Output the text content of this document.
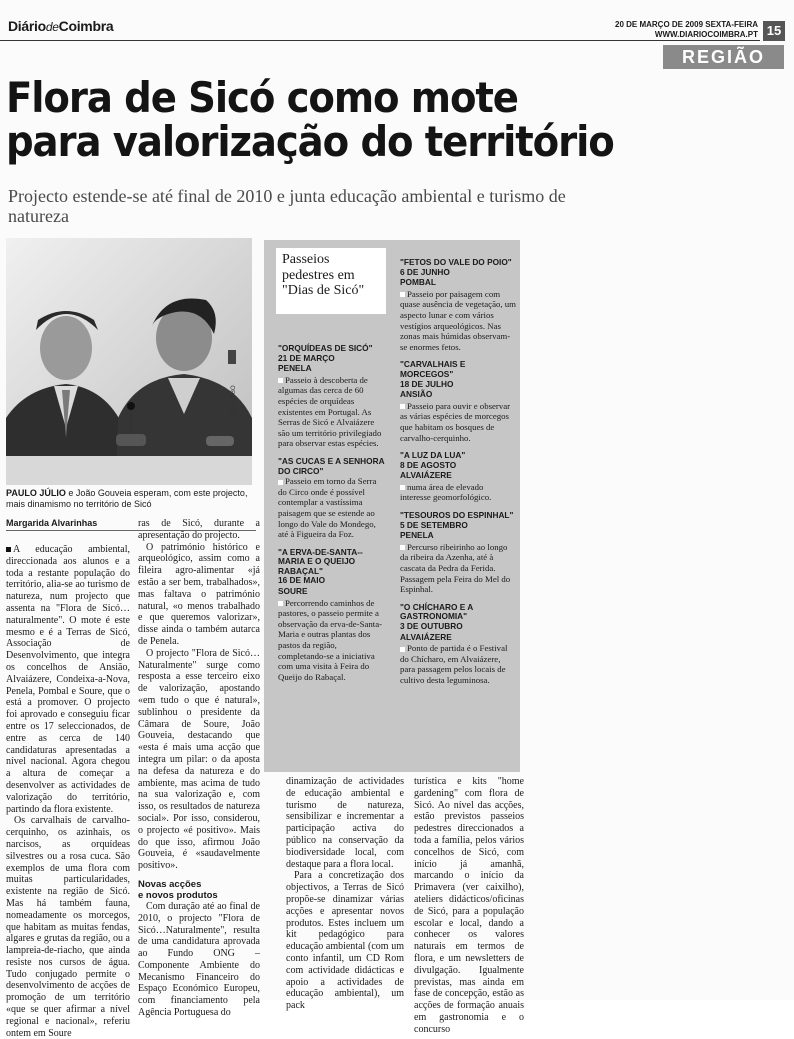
DiáriodeCoimbra	20 DE MARÇO DE 2009 SEXTA-FEIRA
WWW.DIARIOCOIMBRA.PT 15
REGIÃO
Flora de Sicó como mote
para valorização do território
Projecto estende-se até final de 2010 e junta educação ambiental e turismo de natureza
JOÃO LOBO
PAULO JÚLIO e João Gouveia esperam, com este projecto, mais dinamismo no território de Sicó
Margarida Alvarinhas

A educação ambiental, direccionada aos alunos e a toda a restante população do território, alia-se ao turismo de natureza, num projecto que assenta na "Flora de Sicó…naturalmente". O mote é este mesmo e é a Terras de Sicó, Associação de Desenvolvimento, que integra os concelhos de Ansião, Alvaiázere, Condeixa-a-Nova, Penela, Pombal e Soure, que o está a promover. O projecto foi aprovado e conseguiu ficar entre os 17 seleccionados, de entre as cerca de 140 candidaturas apresentadas a nível nacional. Agora chegou a altura de começar a desenvolver as actividades de valorização do território, partindo da flora existente.

Os carvalhais de carvalho-cerquinho, os azinhais, os narcisos, as orquídeas silvestres ou a rosa cuca. São exemplos de uma flora com muitas particularidades, existente na região de Sicó. Mas há também fauna, nomeadamente os morcegos, que habitam as muitas fendas, algares e grutas da região, ou a lampreia-de-riacho, que ainda resiste nos cursos de água. Tudo conjugado permite o desenvolvimento de acções de promoção de um território «que se quer afirmar a nível regional e nacional», referiu ontem em Soure

ras de Sicó, durante a apresentação do projecto.

O património histórico e arqueológico, assim como a fileira agro-alimentar «já estão a ser bem, trabalhados», mas faltava o património natural, «o menos trabalhado e que queremos valorizar», disse ainda o também autarca de Penela.

O projecto "Flora de Sicó…Naturalmente" surge como resposta a esse terceiro eixo de valorização, apostando «em tudo o que é natural», sublinhou o presidente da Câmara de Soure, João Gouveia, destacando que «esta é mais uma acção que integra um pilar: o da aposta na defesa da natureza e do ambiente, mas acima de tudo na sua valorização e, com isso, os resultados de natureza social». Por isso, considerou, o projecto «é positivo». Mais do que isso, afirmou João Gouveia, é «saudavelmente positivo».

Novas acções
e novos produtos

Com duração até ao final de 2010, o projecto "Flora de Sicó…Naturalmente", resulta de uma candidatura aprovada ao Fundo ONG – Componente Ambiente do Mecanismo Financeiro do Espaço Económico Europeu, com financiamento pela Agência Portuguesa do

Passeios pedestres em "Dias de Sicó"
"ORQUÍDEAS DE SICÓ"
21 DE MARÇO
PENELA
Passeio à descoberta de algumas das cerca de 60 espécies de orquídeas existentes em Portugal. As Serras de Sicó e Alvaiázere são um território privilegiado para observar estas espécies.
"AS CUCAS E A SENHORA DO CIRCO"
Passeio em torno da Serra do Circo onde é possível contemplar a vastíssima paisagem que se estende ao longo do Vale do Mondego, até à Figueira da Foz.
"A ERVA-DE-SANTA--MARIA E O QUEIJO RABAÇAL"
16 DE MAIO
SOURE
Percorrendo caminhos de pastores, o passeio permite a observação da erva-de-Santa-Maria e outras plantas dos pastos da região, completando-se a iniciativa com uma visita à Feira do Queijo do Rabaçal.
"FETOS DO VALE DO POIO"
6 DE JUNHO
POMBAL
Passeio por paisagem com quase ausência de vegetação, um aspecto lunar e com vários vestígios arqueológicos. Nas zonas mais húmidas observam-se enormes fetos.
"CARVALHAIS E MORCEGOS"
18 DE JULHO
ANSIÃO
Passeio para ouvir e observar as várias espécies de morcegos que habitam os bosques de carvalho-cerquinho.
"A LUZ DA LUA"
8 DE AGOSTO
ALVAIÁZERE
numa área de elevado interesse geomorfológico.
"TESOUROS DO ESPINHAL"
5 DE SETEMBRO
PENELA
Percurso ribeirinho ao longo da ribeira da Azenha, até à cascata da Pedra da Ferida. Passagem pela Feira do Mel do Espinhal.
"O CHÍCHARO E A GASTRONOMIA"
3 DE OUTUBRO
ALVAIÁZERE
Ponto de partida é o Festival do Chícharo, em Alvaiázere, para passagem pelos locais de cultivo desta leguminosa.

dinamização de actividades de educação ambiental e turismo de natureza, sensibilizar e incrementar a participação activa do público na conservação da biodiversidade local, com destaque para a flora local.

Para a concretização dos objectivos, a Terras de Sicó propõe-se dinamizar várias acções e apresentar novos produtos. Estes incluem um kit pedagógico para educação ambiental (com um conto infantil, um CD Rom com actividade didácticas e apoio a actividades de educação ambiental), um pack

turística e kits "home gardening" com flora de Sicó. Ao nível das acções, estão previstos passeios pedestres direccionados a toda a família, pelos vários concelhos de Sicó, com início já amanhã, marcando o início da Primavera (ver caixilho), ateliers didácticos/oficinas de Sicó, para a população escolar e local, dando a conhecer os valores naturais em termos de flora, e um newsletters de divulgação. Igualmente previstas, mas ainda em fase de concepção, estão as acções de formação anuais em gastronomia e o concurso
